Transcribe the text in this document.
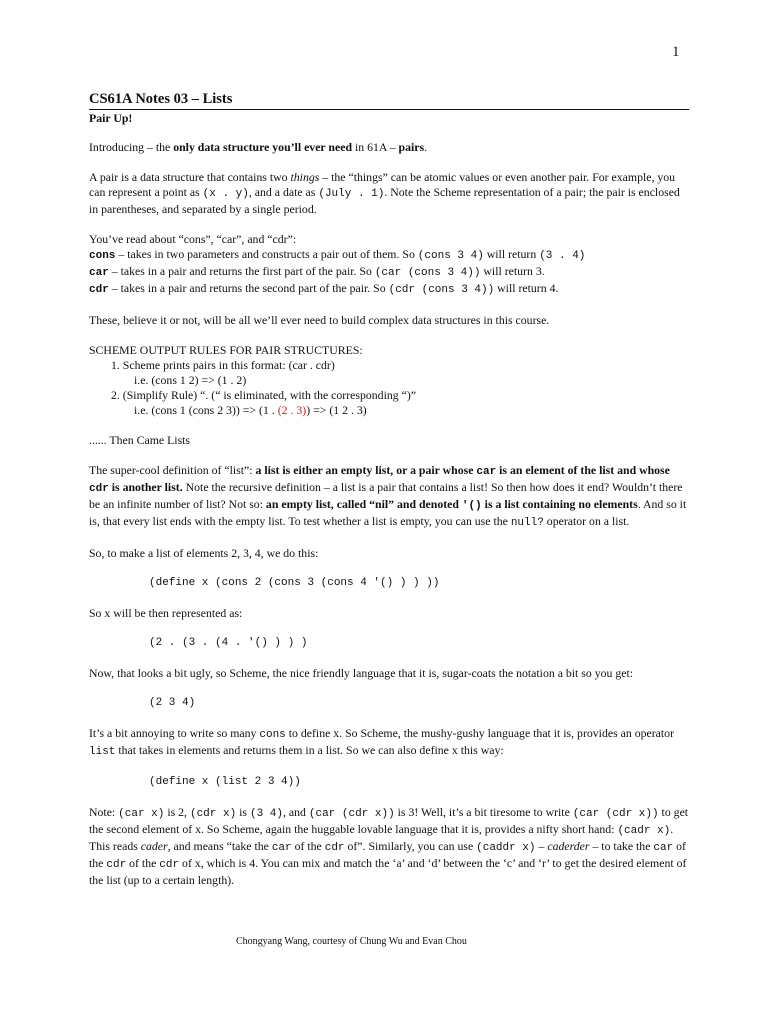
1
CS61A Notes 03 – Lists

Pair Up!

Introducing – the only data structure you’ll ever need in 61A – pairs.

A pair is a data structure that contains two things – the “things” can be atomic values or even another pair. For example, you can represent a point as (x . y), and a date as (July . 1). Note the Scheme representation of a pair; the pair is enclosed in parentheses, and separated by a single period.

You’ve read about “cons”, “car”, and “cdr”:
cons – takes in two parameters and constructs a pair out of them. So (cons 3 4) will return (3 . 4)
car – takes in a pair and returns the first part of the pair. So (car (cons 3 4)) will return 3.
cdr – takes in a pair and returns the second part of the pair. So (cdr (cons 3 4)) will return 4.

These, believe it or not, will be all we’ll ever need to build complex data structures in this course.

SCHEME OUTPUT RULES FOR PAIR STRUCTURES:
1. Scheme prints pairs in this format: (car . cdr)
i.e. (cons 1 2) => (1 . 2)
2. (Simplify Rule) “. (“ is eliminated, with the corresponding “)”
i.e. (cons 1 (cons 2 3)) => (1 . (2 . 3)) => (1 2 . 3)

...... Then Came Lists

The super-cool definition of “list”: a list is either an empty list, or a pair whose car is an element of the list and whose cdr is another list. Note the recursive definition – a list is a pair that contains a list! So then how does it end? Wouldn’t there be an infinite number of list? Not so: an empty list, called “nil” and denoted '() is a list containing no elements. And so it is, that every list ends with the empty list. To test whether a list is empty, you can use the null? operator on a list.

So, to make a list of elements 2, 3, 4, we do this:

(define x (cons 2 (cons 3 (cons 4 '() ) ) ))

So x will be then represented as:

(2 . (3 . (4 . '() ) ) )

Now, that looks a bit ugly, so Scheme, the nice friendly language that it is, sugar-coats the notation a bit so you get:

(2 3 4)

It’s a bit annoying to write so many cons to define x. So Scheme, the mushy-gushy language that it is, provides an operator list that takes in elements and returns them in a list. So we can also define x this way:

(define x (list 2 3 4))

Note: (car x) is 2, (cdr x) is (3 4), and (car (cdr x)) is 3! Well, it’s a bit tiresome to write (car (cdr x)) to get the second element of x. So Scheme, again the huggable lovable language that it is, provides a nifty short hand: (cadr x). This reads cader, and means “take the car of the cdr of”. Similarly, you can use (caddr x) – caderder – to take the car of the cdr of the cdr of x, which is 4. You can mix and match the ‘a’ and ‘d’ between the ‘c’ and ‘r’ to get the desired element of the list (up to a certain length).

Chongyang Wang, courtesy of Chung Wu and Evan Chou
